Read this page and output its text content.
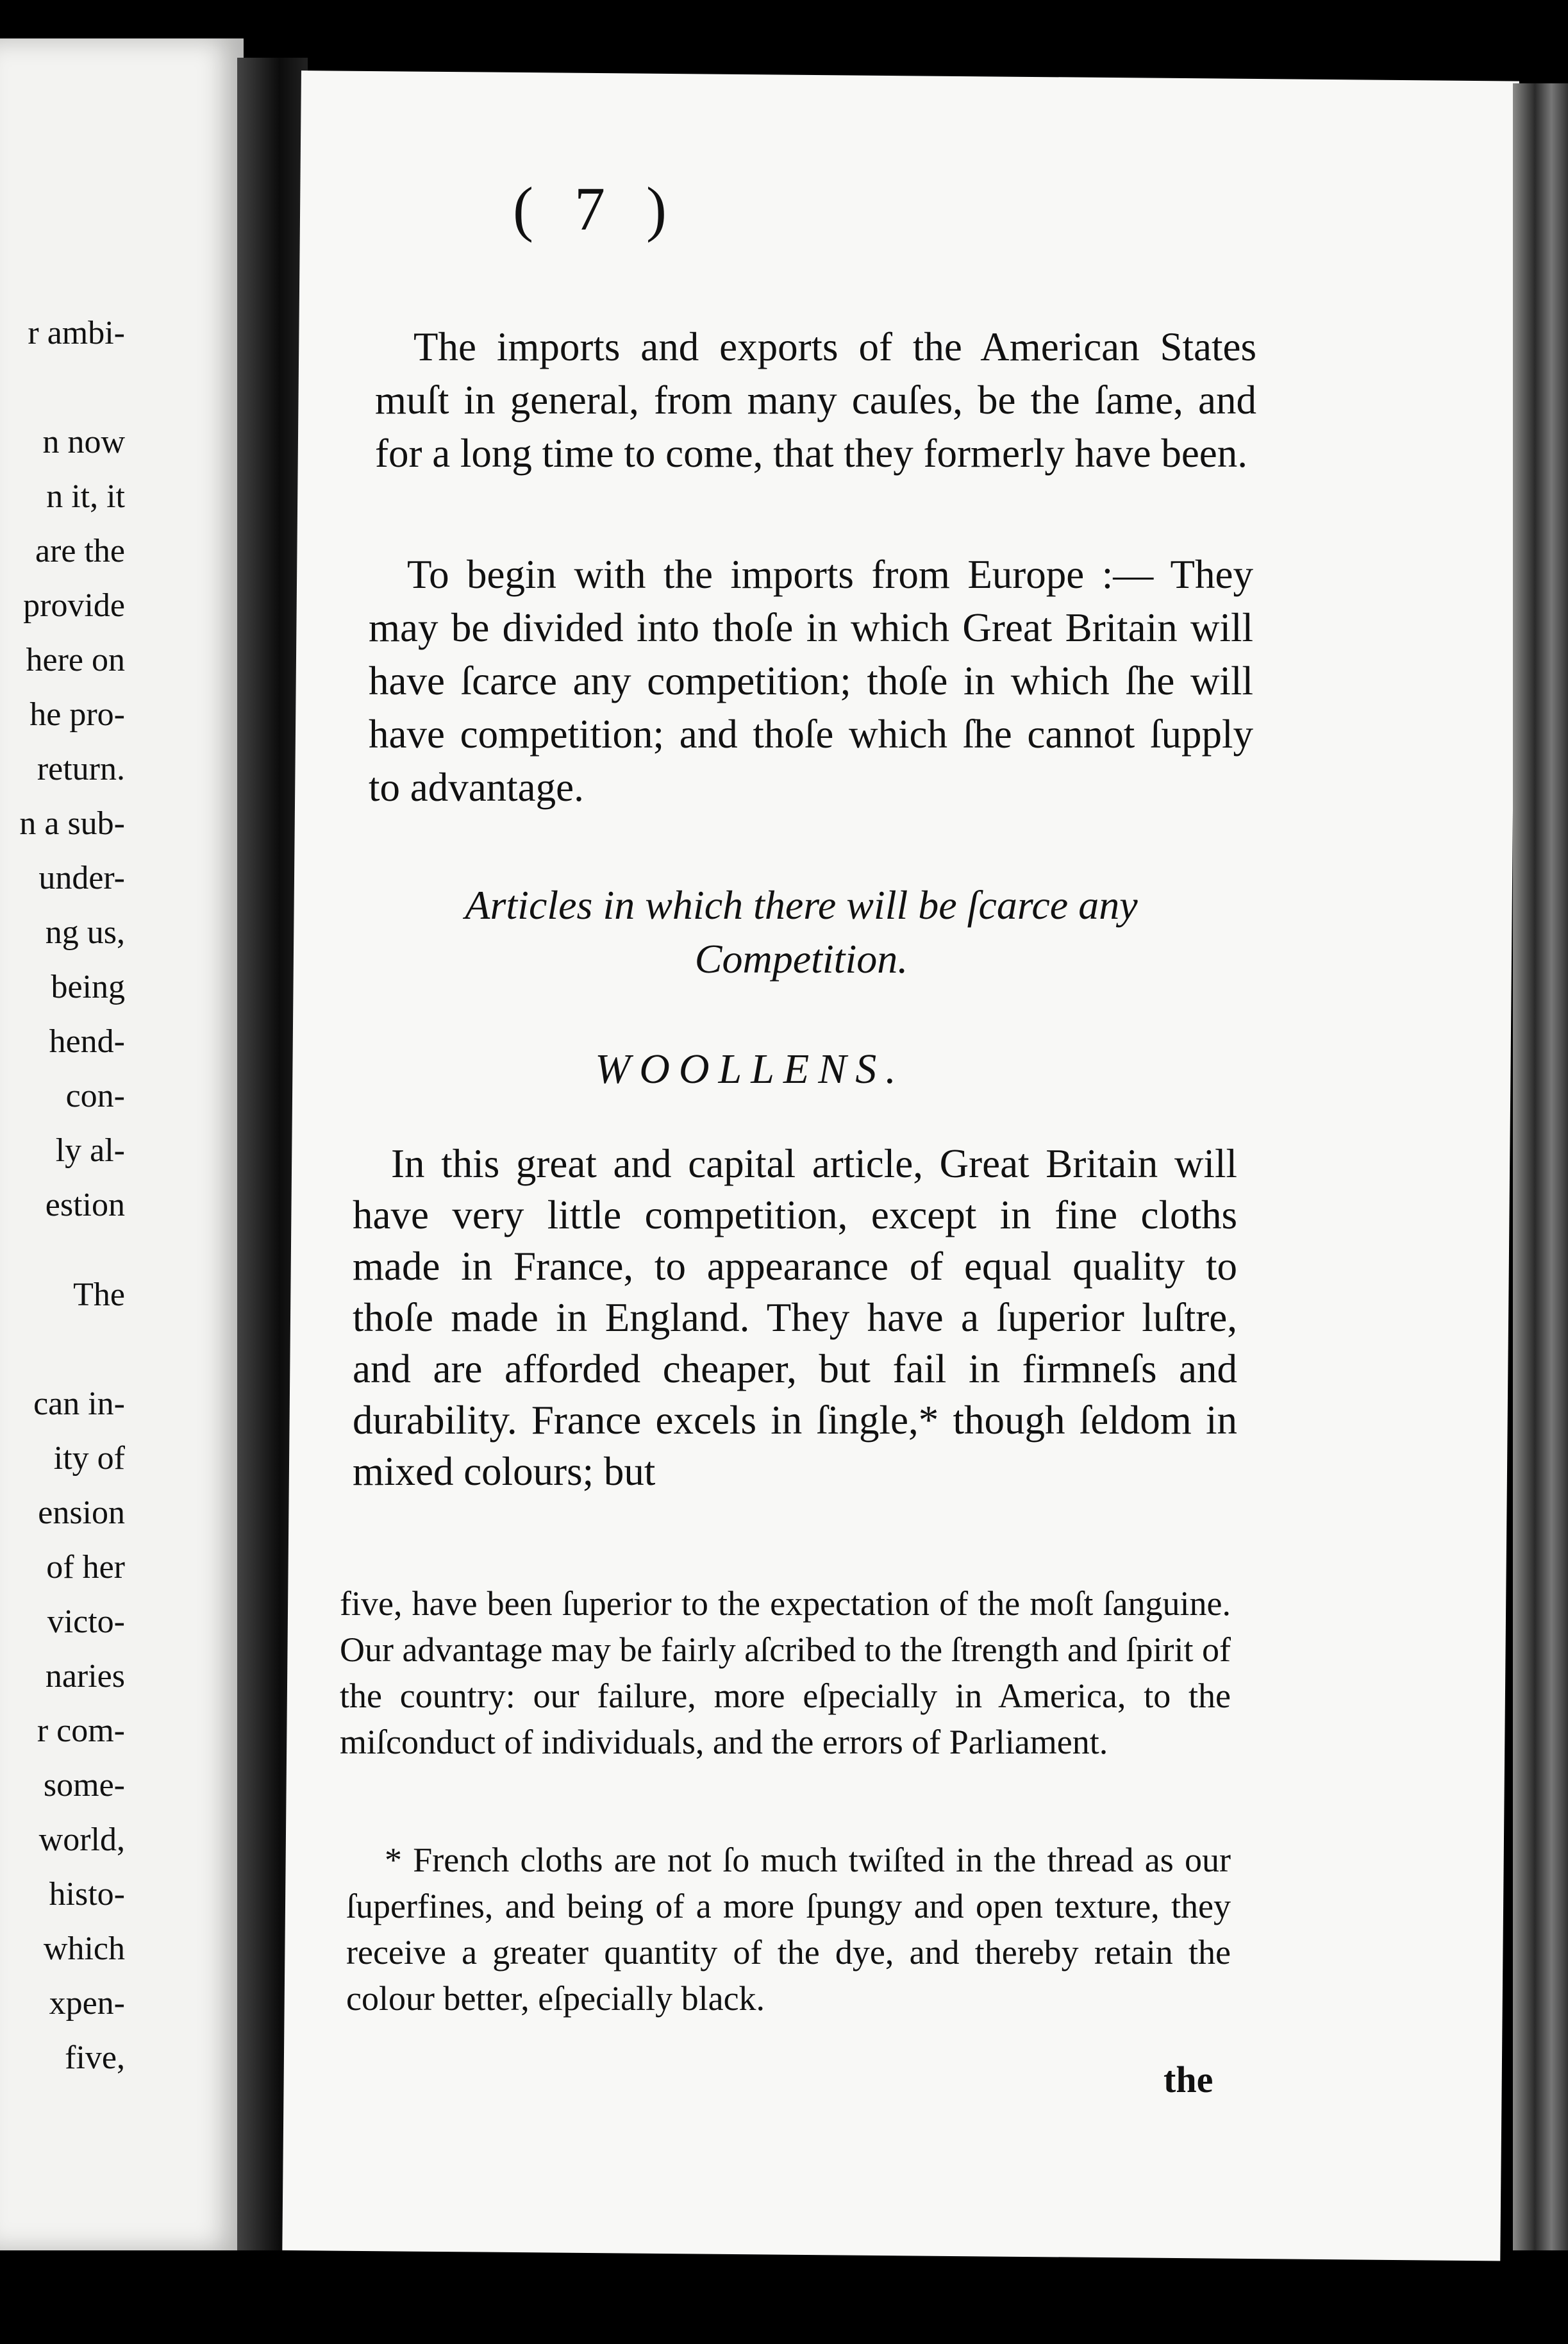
r ambi-
n now
n it, it
are the
provide
here on
he pro-
return.
n a sub-
under-
ng us,
being
hend-
con-
ly al-
estion
The
can in-
ity of
ension
of her
victo-
naries
r com-
some-
world,
histo-
which
xpen-
five,
( 7 )
The imports and exports of the American States muſt in general, from many cauſes, be the ſame, and for a long time to come, that they formerly have been.
To begin with the imports from Europe :— They may be divided into thoſe in which Great Britain will have ſcarce any competition; thoſe in which ſhe will have competition; and thoſe which ſhe cannot ſupply to advantage.
Articles in which there will be ſcarce any Competition.
WOOLLENS.
In this great and capital article, Great Britain will have very little competition, except in fine cloths made in France, to appearance of equal quality to thoſe made in England. They have a ſuperior luſtre, and are afforded cheaper, but fail in firmneſs and durability. France excels in ſingle,* though ſeldom in mixed colours; but
five, have been ſuperior to the expectation of the moſt ſanguine. Our advantage may be fairly aſcribed to the ſtrength and ſpirit of the country: our failure, more eſpecially in America, to the miſconduct of individuals, and the errors of Parliament.
* French cloths are not ſo much twiſted in the thread as our ſuperfines, and being of a more ſpungy and open texture, they receive a greater quantity of the dye, and thereby retain the colour better, eſpecially black.
the
